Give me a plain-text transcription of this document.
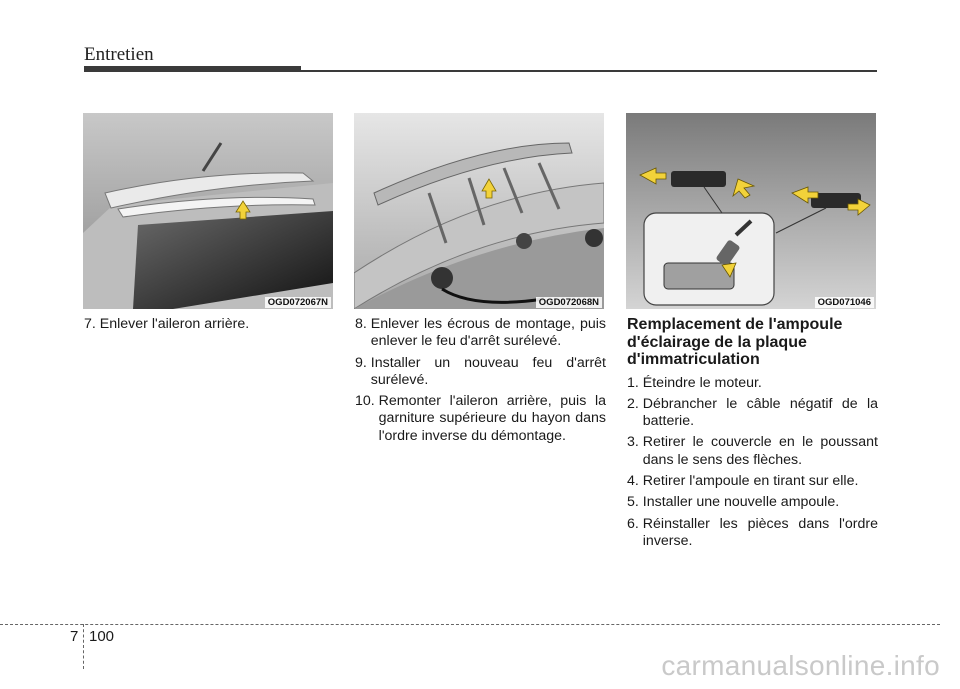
Entretien
OGD072067N	OGD072068N	OGD071046
7. Enlever l'aileron arrière.	8. Enlever les écrous de montage, puis enlever le feu d'arrêt surélevé.
9. Installer un nouveau feu d'arrêt surélevé.
10. Remonter l'aileron arrière, puis la garniture supérieure du hayon dans l'ordre inverse du démontage.
Remplacement de l'ampoule d'éclairage de la plaque d'immatriculation
1. Éteindre le moteur.
2. Débrancher le câble négatif de la batterie.
3. Retirer le couvercle en le poussant dans le sens des flèches.
4. Retirer l'ampoule en tirant sur elle.
5. Installer une nouvelle ampoule.
6. Réinstaller les pièces dans l'ordre inverse.
7 100
carmanualsonline.info
